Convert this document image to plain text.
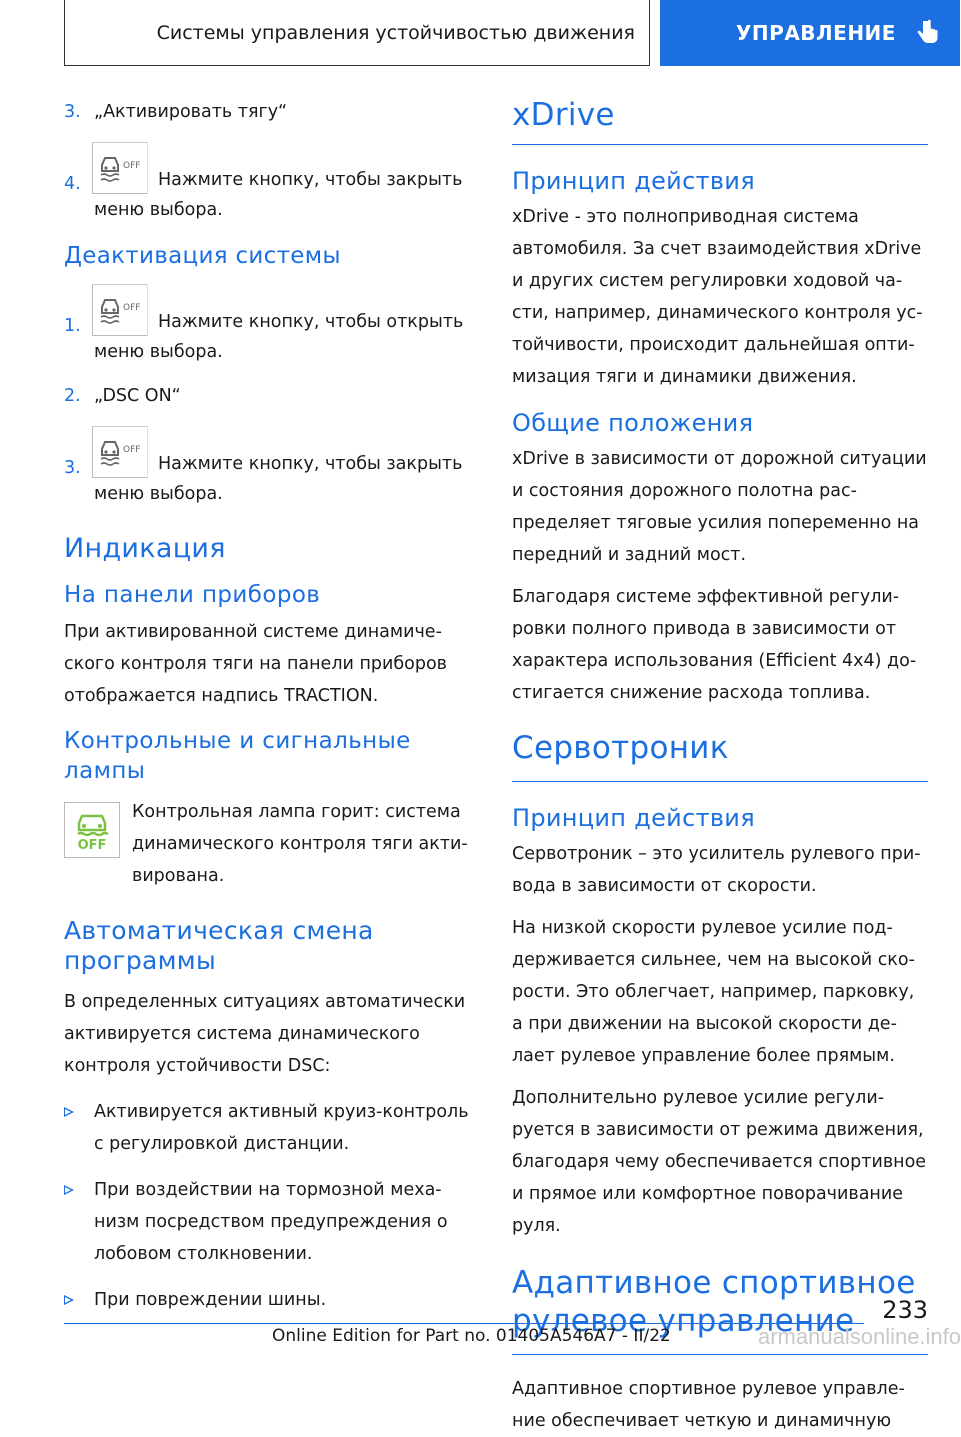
Системы управления устойчивостью движения	УПРАВЛЕНИЕ
3. „Активировать тягу“
4.
OFF
Нажмите кнопку, чтобы закрыть
меню выбора.
Деактивация системы
1.
OFF
Нажмите кнопку, чтобы открыть
меню выбора.
2. „DSC ON“
3.
OFF
Нажмите кнопку, чтобы закрыть
меню выбора.
Индикация
На панели приборов
При активированной системе динамического контроля тяги на панели приборов отображается надпись TRACTION.
Контрольные и сигнальные лампы
OFF
Контрольная лампа горит: система динамического контроля тяги активирована.
Автоматическая смена программы
В определенных ситуациях автоматически активируется система динамического контроля устойчивости DSC:
Активируется активный круиз-контроль с регулировкой дистанции.
При воздействии на тормозной механизм посредством предупреждения о лобовом столкновении.
При повреждении шины.
xDrive
Принцип действия
xDrive - это полноприводная система автомобиля. За счет взаимодействия xDrive и других систем регулировки ходовой части, например, динамического контроля устойчивости, происходит дальнейшая оптимизация тяги и динамики движения.
Общие положения
xDrive в зависимости от дорожной ситуации и состояния дорожного полотна распределяет тяговые усилия попеременно на передний и задний мост.
Благодаря системе эффективной регулировки полного привода в зависимости от характера использования (Efficient 4x4) достигается снижение расхода топлива.
Сервотроник
Принцип действия
Сервотроник – это усилитель рулевого привода в зависимости от скорости.
На низкой скорости рулевое усилие поддерживается сильнее, чем на высокой скорости. Это облегчает, например, парковку, а при движении на высокой скорости делает рулевое управление более прямым.
Дополнительно рулевое усилие регулируется в зависимости от режима движения, благодаря чему обеспечивается спортивное и прямое или комфортное поворачивание руля.
Адаптивное спортивное рулевое управление
Адаптивное спортивное рулевое управление обеспечивает четкую и динамичную
233
Online Edition for Part no. 01405A546A7 - II/22	armanualsonline.info
